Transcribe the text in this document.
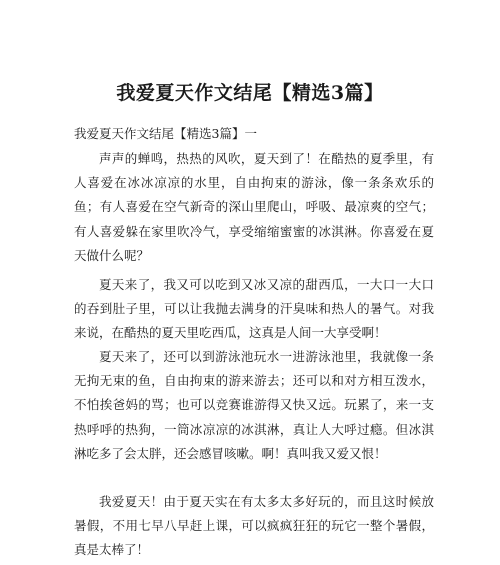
我爱夏天作文结尾【精选3篇】

我爱夏天作文结尾【精选3篇】一

声声的蝉鸣，热热的风吹，夏天到了！在酷热的夏季里，有人喜爱在冰冰凉凉的水里，自由拘束的游泳，像一条条欢乐的鱼；有人喜爱在空气新奇的深山里爬山，呼吸、最凉爽的空气；有人喜爱躲在家里吹冷气，享受缩缩蜜蜜的冰淇淋。你喜爱在夏天做什么呢？

夏天来了，我又可以吃到又冰又凉的甜西瓜，一大口一大口的吞到肚子里，可以让我抛去满身的汗臭味和热人的暑气。对我来说，在酷热的夏天里吃西瓜，这真是人间一大享受啊！

夏天来了，还可以到游泳池玩水一进游泳池里，我就像一条无拘无束的鱼，自由拘束的游来游去；还可以和对方相互泼水，不怕挨爸妈的骂；也可以竞赛谁游得又快又远。玩累了，来一支热呼呼的热狗，一筒冰凉凉的冰淇淋，真让人大呼过瘾。但冰淇淋吃多了会太胖，还会感冒咳嗽。啊！真叫我又爱又恨！

我爱夏天！由于夏天实在有太多太多好玩的，而且这时候放暑假，不用七早八早赶上课，可以疯疯狂狂的玩它一整个暑假，真是太棒了！
